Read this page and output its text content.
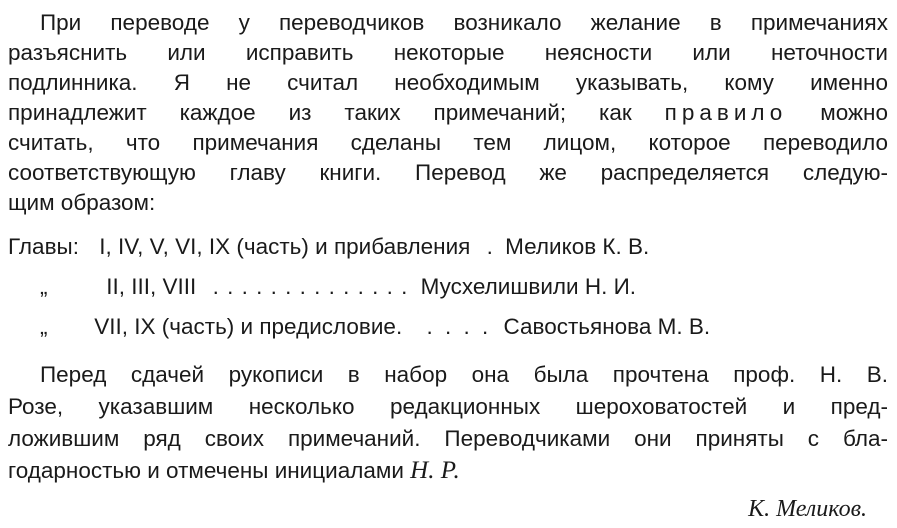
При переводе у переводчиков возникало желание в примечаниях
разъяснить или исправить некоторые неясности или неточности
подлинника. Я не считал необходимым указывать, кому именно
принадлежит каждое из таких примечаний; как правило можно
считать, что примечания сделаны тем лицом, которое переводило
соответствующую главу книги. Перевод же распределяется следую-
щим образом:
Главы: I, IV, V, VI, IX (часть) и прибавления . Меликов К. В.
„	II, III, VIII . . . . . . . . . . . . . . Мусхелишвили Н. И.
„ VII, IX (часть) и предисловие. . . . . Савостьянова М. В.
Перед сдачей рукописи в набор она была прочтена проф. Н. В.
Розе, указавшим несколько редакционных шероховатостей и пред-
ложившим ряд своих примечаний. Переводчиками они приняты с бла-
годарностью и отмечены инициалами Н. Р.
К. Меликов.
